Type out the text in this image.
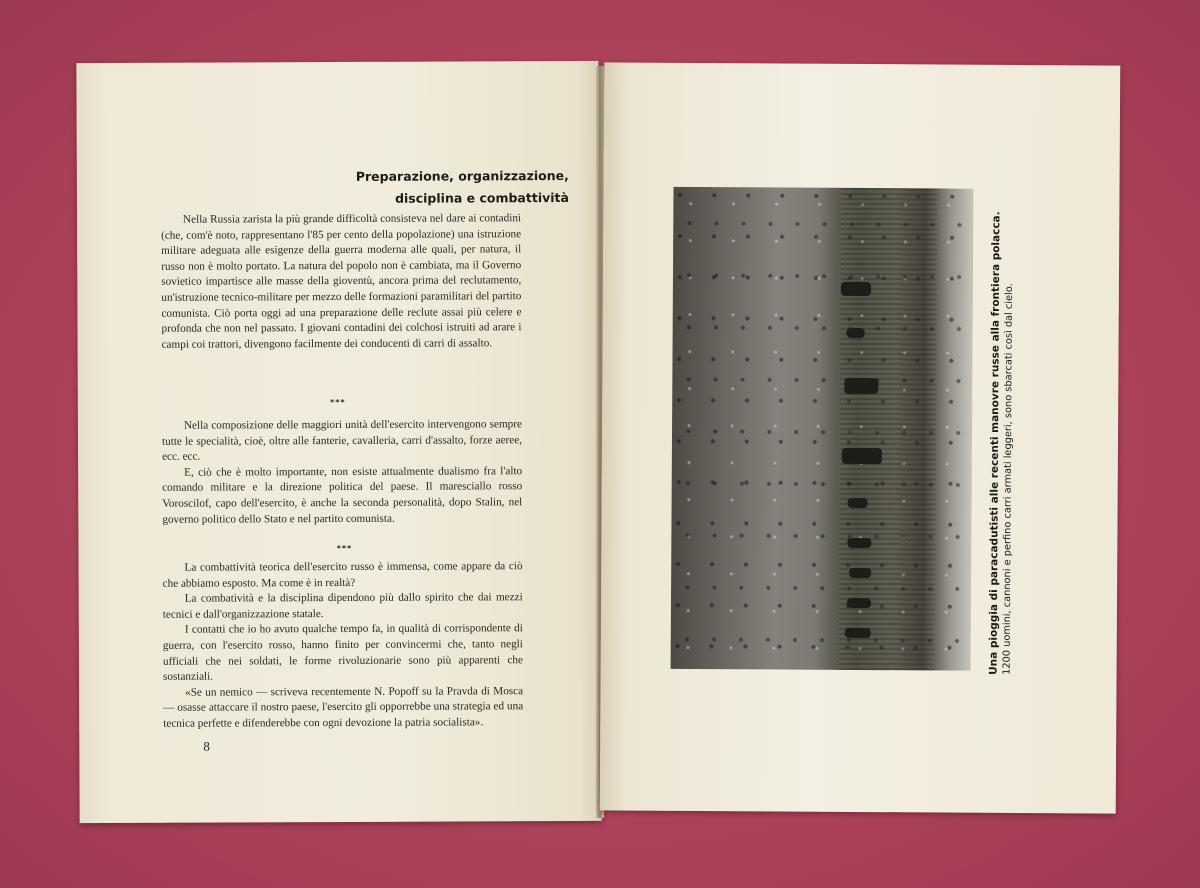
Preparazione, organizzazione,
disciplina e combattività

Nella Russia zarista la più grande difficoltà consisteva nel dare ai contadini (che, com'è noto, rappresentano l'85 per cento della popolazione) una istruzione militare adeguata alle esigenze della guerra moderna alle quali, per natura, il russo non è molto portato. La natura del popolo non è cambiata, ma il Governo sovietico impartisce alle masse della gioventù, ancora prima del reclutamento, un'istruzione tecnico-militare per mezzo delle formazioni paramilitari del partito comunista. Ciò porta oggi ad una preparazione delle reclute assai più celere e profonda che non nel passato. I giovani contadini dei colchosi istruiti ad arare i campi coi trattori, divengono facilmente dei conducenti di carri di assalto.

***

Nella composizione delle maggiori unità dell'esercito intervengono sempre tutte le specialità, cioè, oltre alle fanterie, cavalleria, carri d'assalto, forze aeree, ecc. ecc.

E, ciò che è molto importante, non esiste attualmente dualismo fra l'alto comando militare e la direzione politica del paese. Il maresciallo rosso Voroscilof, capo dell'esercito, è anche la seconda personalità, dopo Stalin, nel governo politico dello Stato e nel partito comunista.

***

La combattività teorica dell'esercito russo è immensa, come appare da ciò che abbiamo esposto. Ma come è in realtà?

La combatività e la disciplina dipendono più dallo spirito che dai mezzi tecnici e dall'organizzazione statale.

I contatti che io ho avuto qualche tempo fa, in qualità di corrispondente di guerra, con l'esercito rosso, hanno finito per convincermi che, tanto negli ufficiali che nei soldati, le forme rivoluzionarie sono più apparenti che sostanziali.

«Se un nemico — scriveva recentemente N. Popoff su la Pravda di Mosca — osasse attaccare il nostro paese, l'esercito gli opporrebbe una strategia ed una tecnica perfette e difenderebbe con ogni devozione la patria socialista».

8
Una pioggia di paracadutisti alle recenti manovre russe alla frontiera polacca. 1200 uomini, cannoni e perfino carri armati leggeri, sono sbarcati così dal cielo.
